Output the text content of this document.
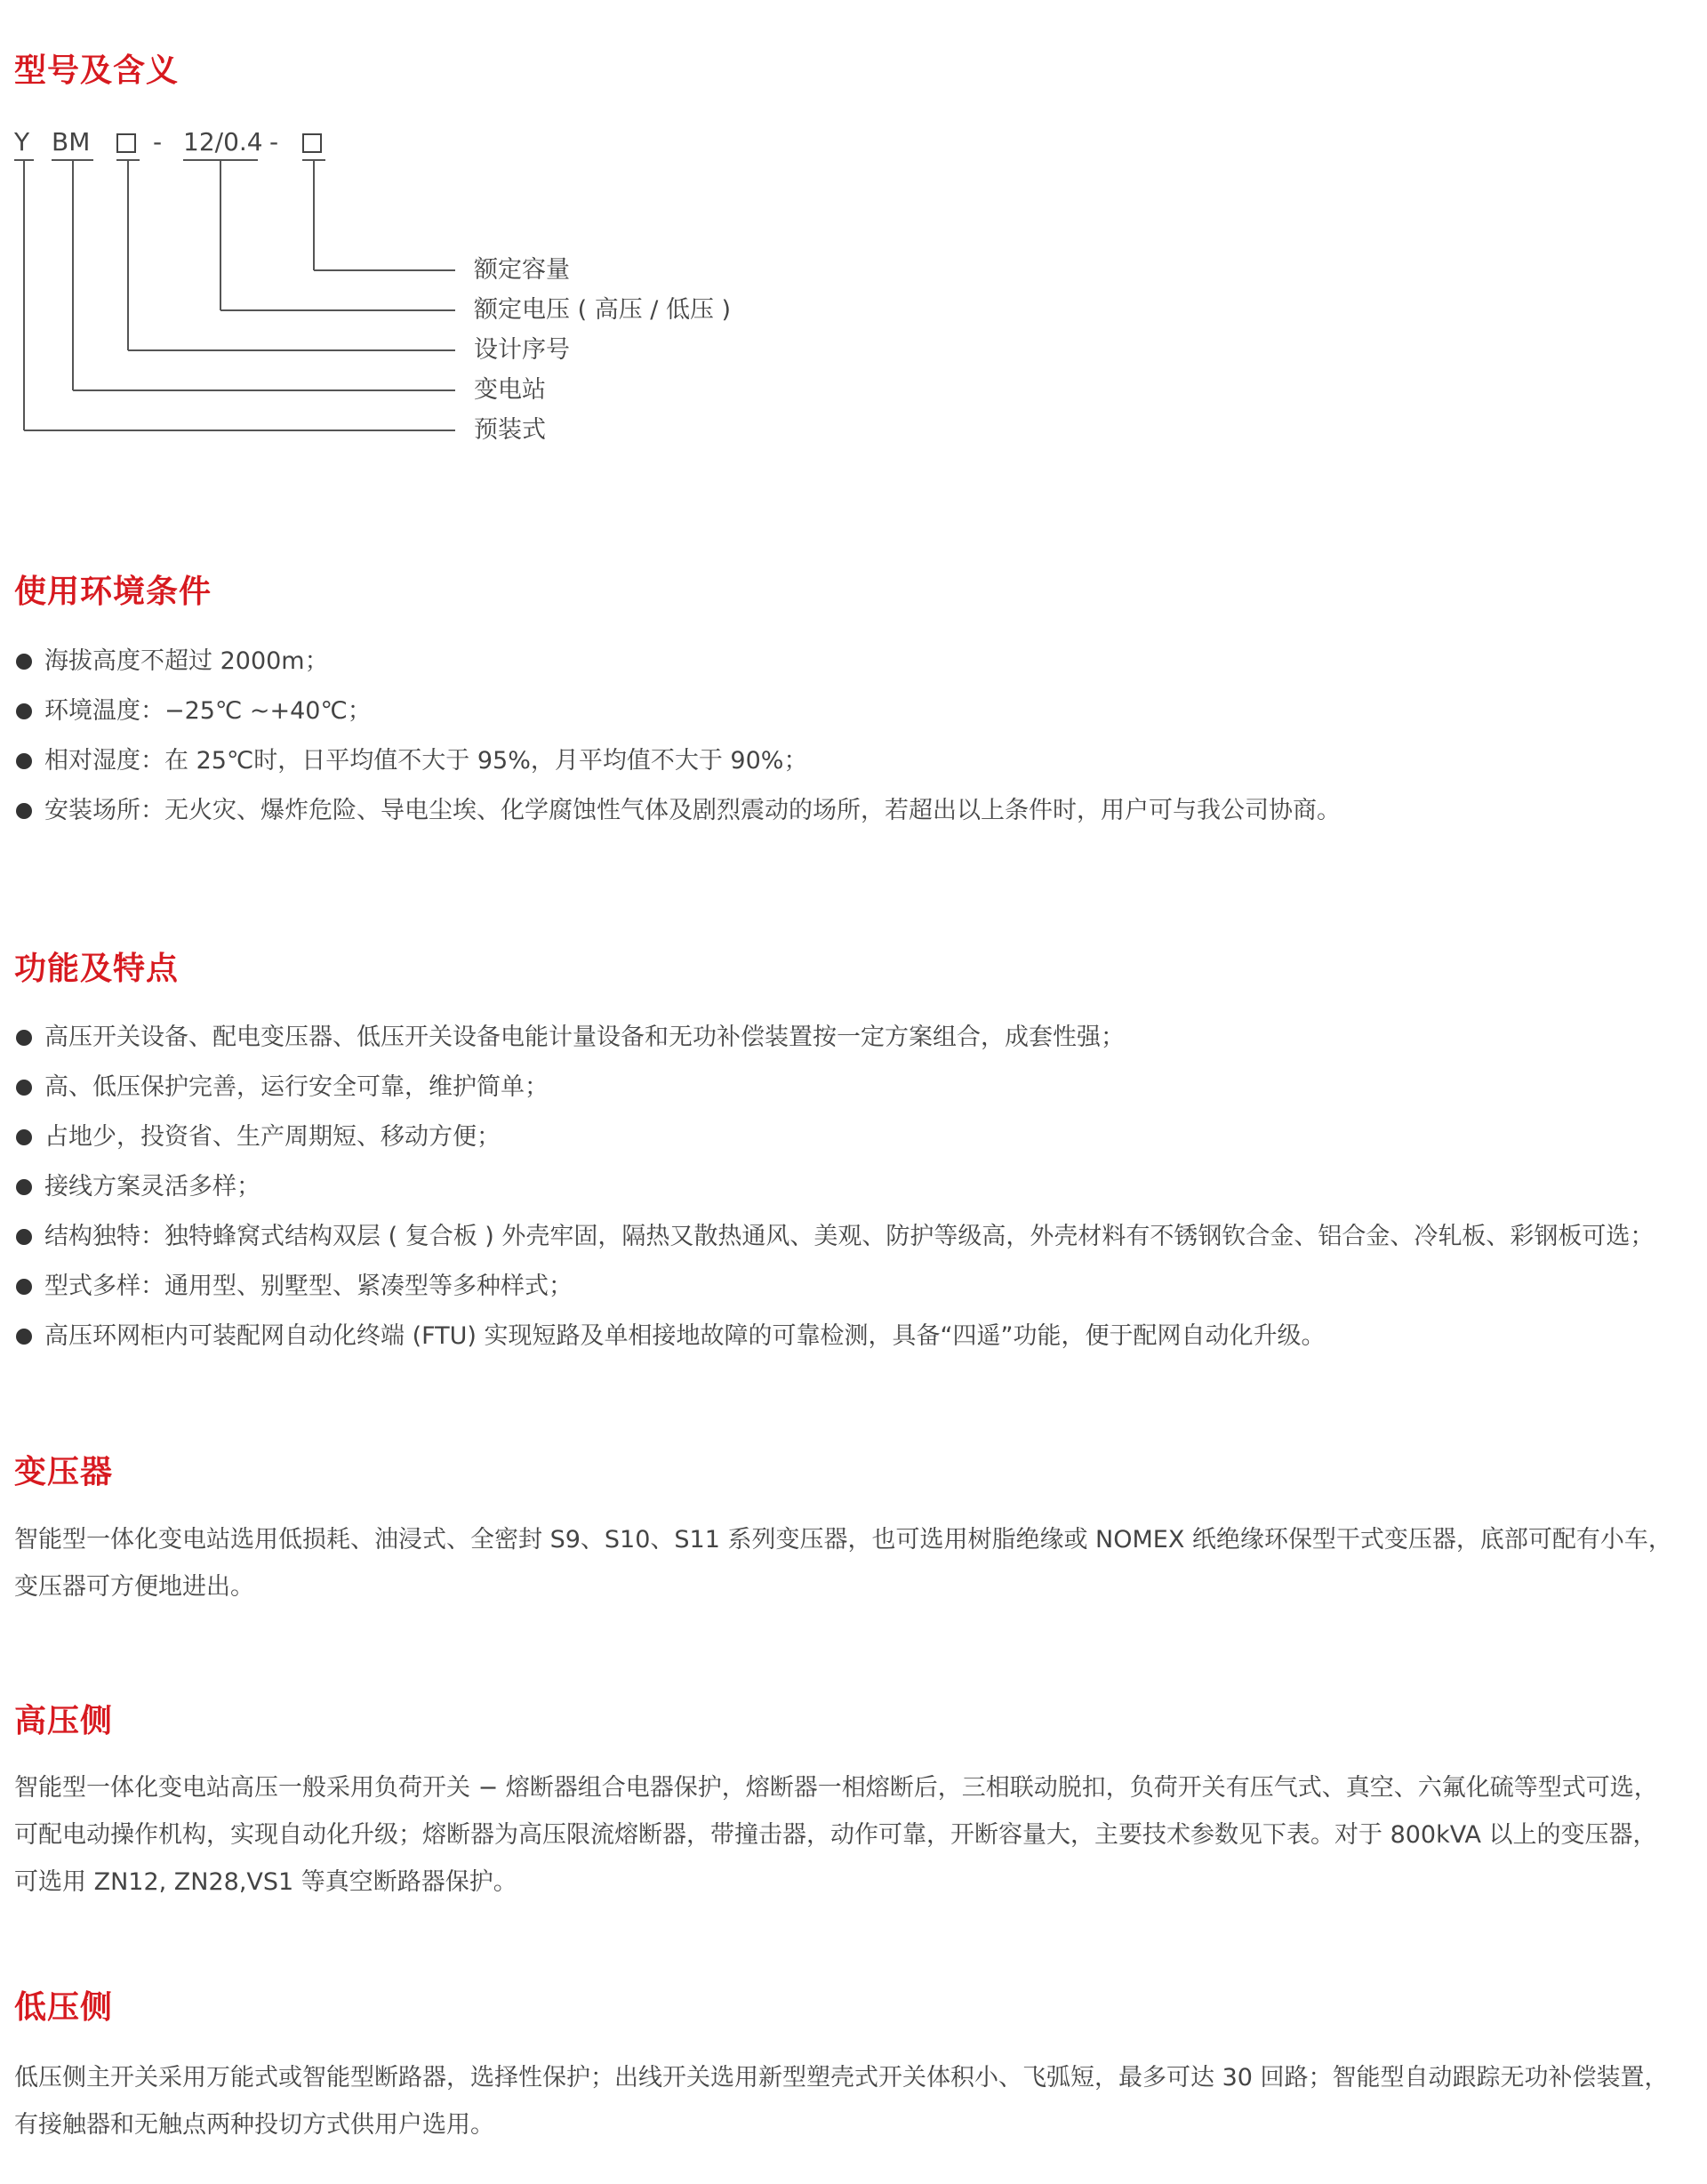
型号及含义
Y BM	- 12/0.4 -
额定容量
额定电压 ( 高压 / 低压 )
设计序号
变电站
预装式
使用环境条件
海拔高度不超过 2000m；
环境温度：−25℃ ~+40℃；
相对湿度：在 25℃时，日平均值不大于 95%，月平均值不大于 90%；
安装场所：无火灾、爆炸危险、导电尘埃、化学腐蚀性气体及剧烈震动的场所，若超出以上条件时，用户可与我公司协商。
功能及特点
高压开关设备、配电变压器、低压开关设备电能计量设备和无功补偿装置按一定方案组合，成套性强；
高、低压保护完善，运行安全可靠，维护简单；
占地少，投资省、生产周期短、移动方便；
接线方案灵活多样；
结构独特：独特蜂窝式结构双层 ( 复合板 ) 外壳牢固，隔热又散热通风、美观、防护等级高，外壳材料有不锈钢钦合金、铝合金、冷轧板、彩钢板可选；
型式多样：通用型、别墅型、紧凑型等多种样式；
高压环网柜内可装配网自动化终端 (FTU) 实现短路及单相接地故障的可靠检测，具备“四遥”功能，便于配网自动化升级。
变压器

智能型一体化变电站选用低损耗、油浸式、全密封 S9、S10、S11 系列变压器，也可选用树脂绝缘或 NOMEX 纸绝缘环保型干式变压器，底部可配有小车，
变压器可方便地进出。

高压侧

智能型一体化变电站高压一般采用负荷开关 − 熔断器组合电器保护，熔断器一相熔断后，三相联动脱扣，负荷开关有压气式、真空、六氟化硫等型式可选，
可配电动操作机构，实现自动化升级；熔断器为高压限流熔断器，带撞击器，动作可靠，开断容量大，主要技术参数见下表。对于 800kVA 以上的变压器，
可选用 ZN12, ZN28,VS1 等真空断路器保护。

低压侧

低压侧主开关采用万能式或智能型断路器，选择性保护；出线开关选用新型塑壳式开关体积小、飞弧短，最多可达 30 回路；智能型自动跟踪无功补偿装置，
有接触器和无触点两种投切方式供用户选用。
